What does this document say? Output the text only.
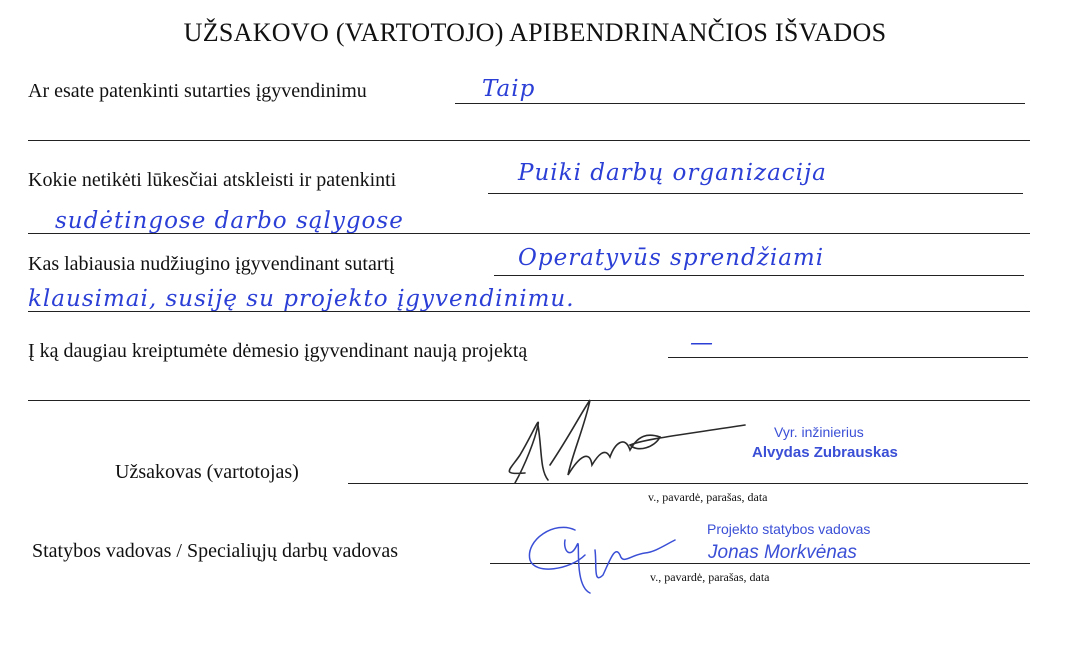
UŽSAKOVO (VARTOTOJO) APIBENDRINANČIOS IŠVADOS
Ar esate patenkinti sutarties įgyvendinimu	Taip
Kokie netikėti lūkesčiai atskleisti ir patenkinti	Puiki darbų organizacija
sudėtingose darbo sąlygose
Kas labiausia nudžiugino įgyvendinant sutartį	Operatyvūs sprendžiami
klausimai, susiję su projekto įgyvendinimu.
Į ką daugiau kreiptumėte dėmesio įgyvendinant naują projektą	—
Užsakovas (vartotojas)
v., pavardė, parašas, data
Vyr. inžinierius
Alvydas Zubrauskas
Statybos vadovas / Specialiųjų darbų vadovas
v., pavardė, parašas, data
Projekto statybos vadovas
Jonas Morkvėnas
